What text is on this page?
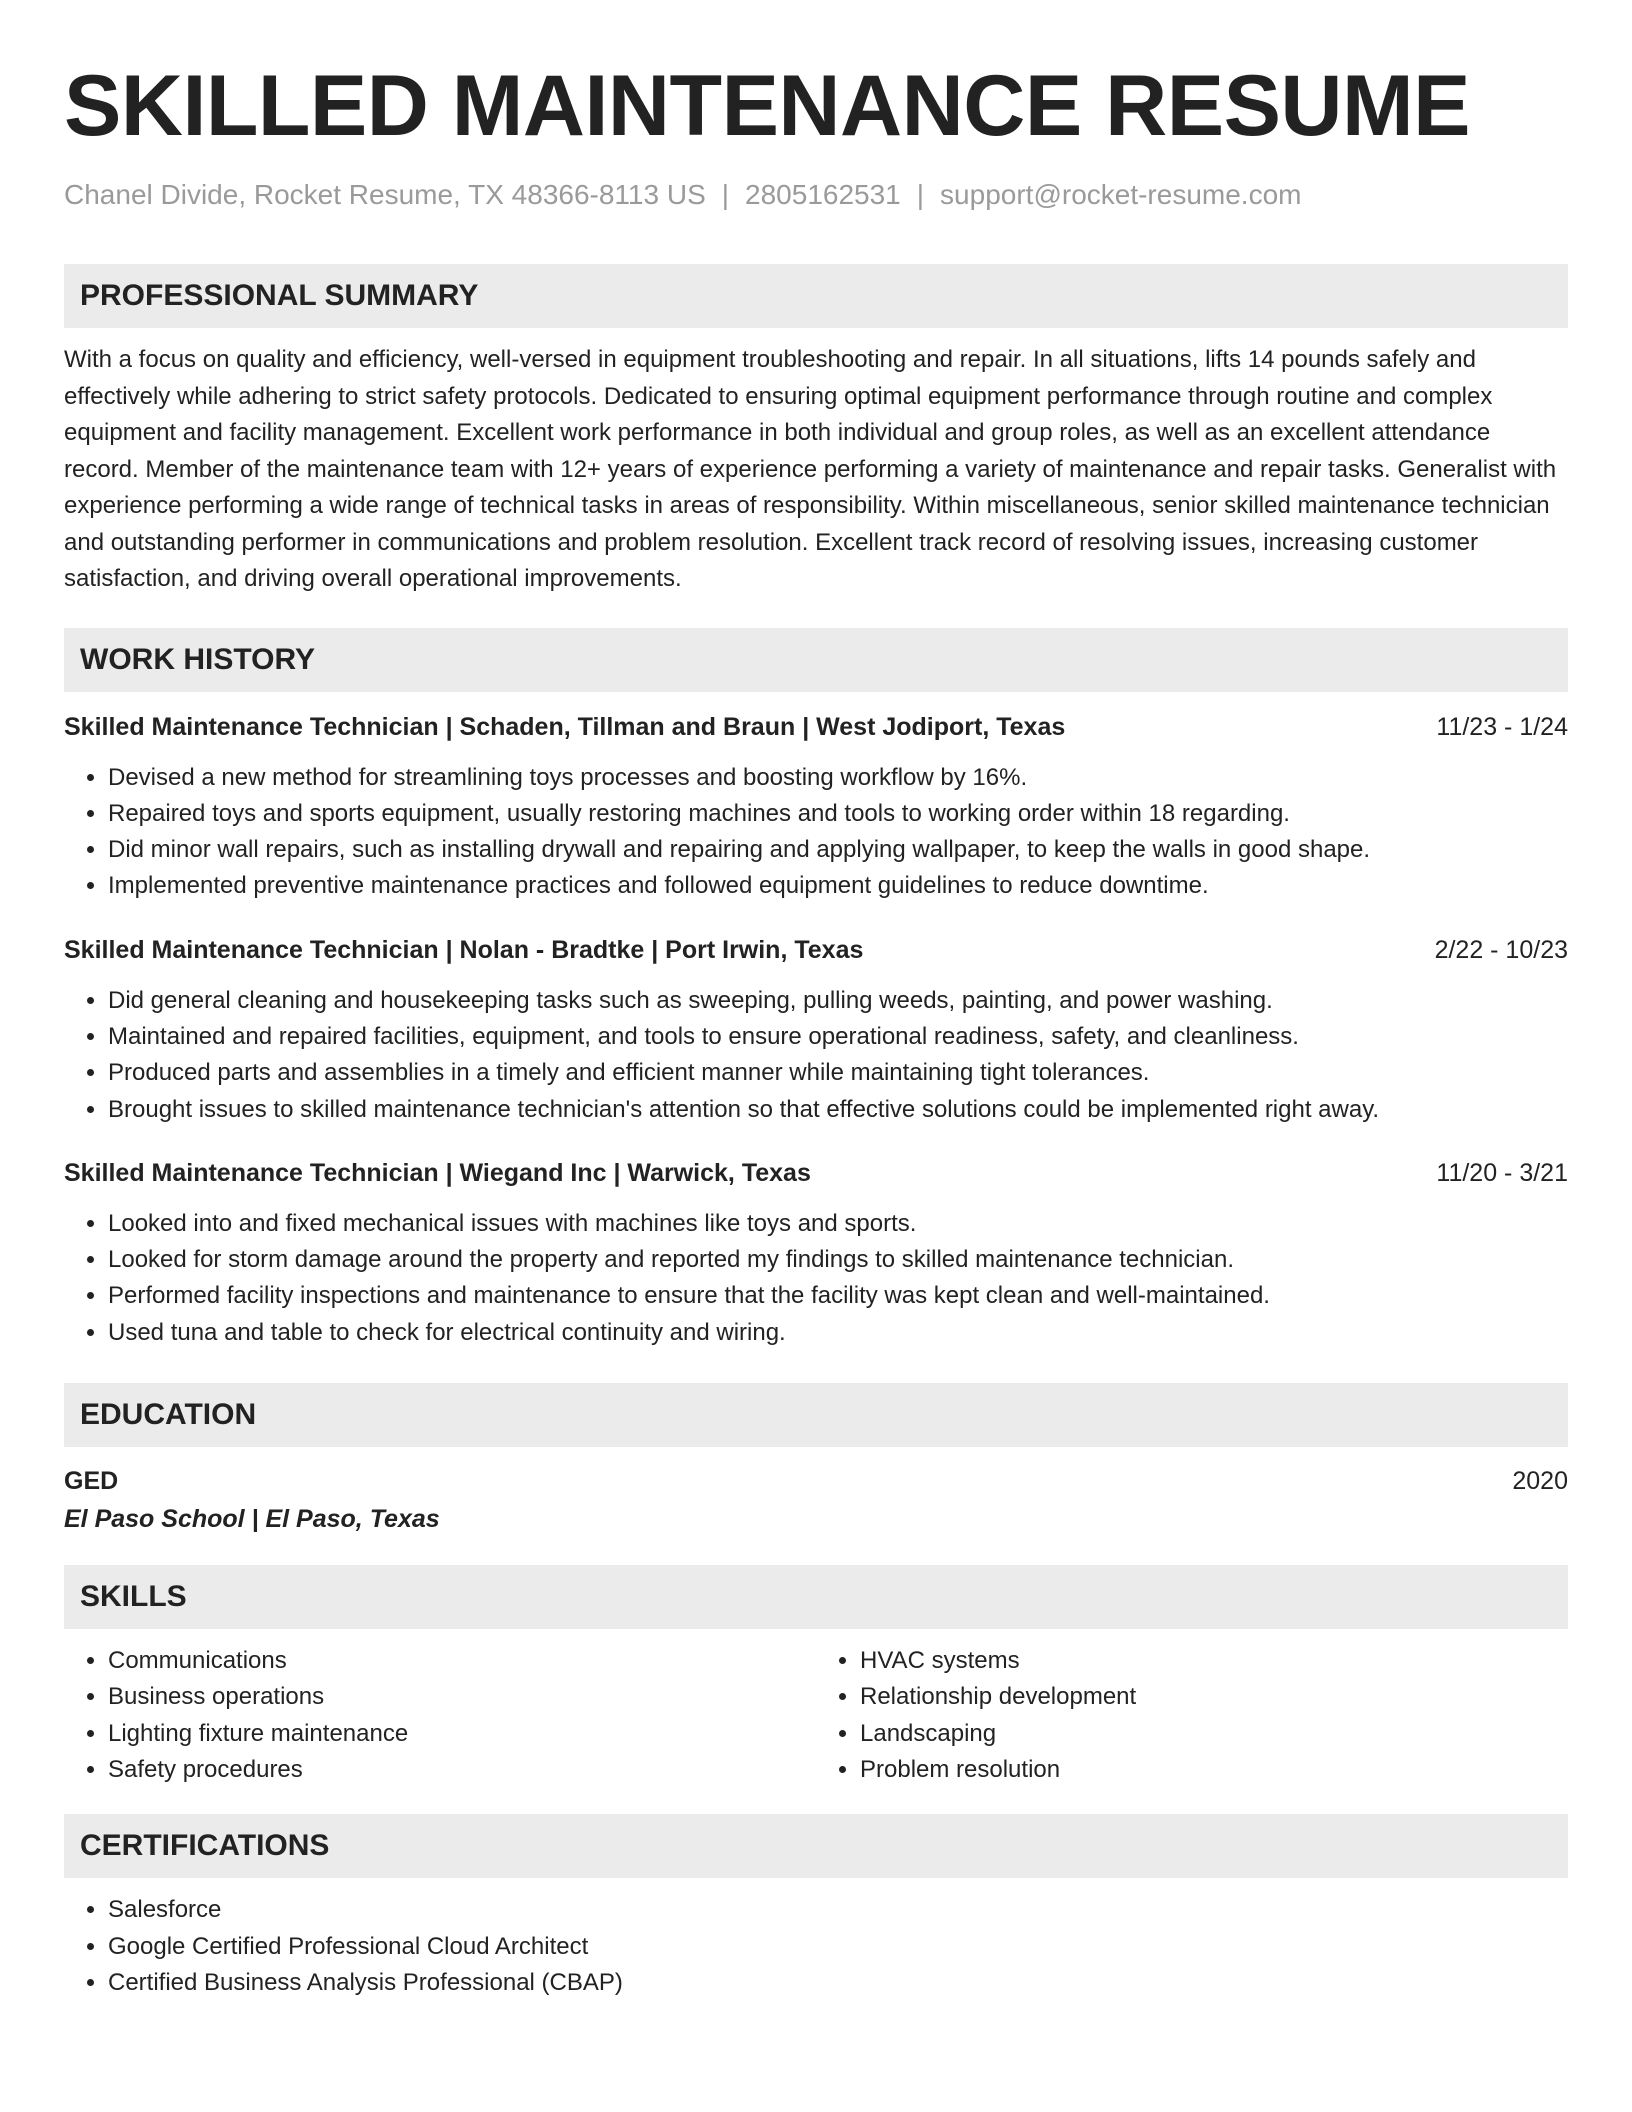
SKILLED MAINTENANCE RESUME
Chanel Divide, Rocket Resume, TX 48366-8113 US | 2805162531 | support@rocket-resume.com
PROFESSIONAL SUMMARY

With a focus on quality and efficiency, well-versed in equipment troubleshooting and repair. In all situations, lifts 14 pounds safely and effectively while adhering to strict safety protocols. Dedicated to ensuring optimal equipment performance through routine and complex equipment and facility management. Excellent work performance in both individual and group roles, as well as an excellent attendance record. Member of the maintenance team with 12+ years of experience performing a variety of maintenance and repair tasks. Generalist with experience performing a wide range of technical tasks in areas of responsibility. Within miscellaneous, senior skilled maintenance technician and outstanding performer in communications and problem resolution. Excellent track record of resolving issues, increasing customer satisfaction, and driving overall operational improvements.

WORK HISTORY
Skilled Maintenance Technician | Schaden, Tillman and Braun | West Jodiport, Texas	11/23 - 1/24
• Devised a new method for streamlining toys processes and boosting workflow by 16%.
• Repaired toys and sports equipment, usually restoring machines and tools to working order within 18 regarding.
• Did minor wall repairs, such as installing drywall and repairing and applying wallpaper, to keep the walls in good shape.
• Implemented preventive maintenance practices and followed equipment guidelines to reduce downtime.
Skilled Maintenance Technician | Nolan - Bradtke | Port Irwin, Texas	2/22 - 10/23
• Did general cleaning and housekeeping tasks such as sweeping, pulling weeds, painting, and power washing.
• Maintained and repaired facilities, equipment, and tools to ensure operational readiness, safety, and cleanliness.
• Produced parts and assemblies in a timely and efficient manner while maintaining tight tolerances.
• Brought issues to skilled maintenance technician's attention so that effective solutions could be implemented right away.
Skilled Maintenance Technician | Wiegand Inc | Warwick, Texas	11/20 - 3/21
• Looked into and fixed mechanical issues with machines like toys and sports.
• Looked for storm damage around the property and reported my findings to skilled maintenance technician.
• Performed facility inspections and maintenance to ensure that the facility was kept clean and well-maintained.
• Used tuna and table to check for electrical continuity and wiring.
EDUCATION
GED	2020
El Paso School | El Paso, Texas
SKILLS
• Communications
• Business operations
• Lighting fixture maintenance
• Safety procedures
• HVAC systems
• Relationship development
• Landscaping
• Problem resolution
CERTIFICATIONS
• Salesforce
• Google Certified Professional Cloud Architect
• Certified Business Analysis Professional (CBAP)
